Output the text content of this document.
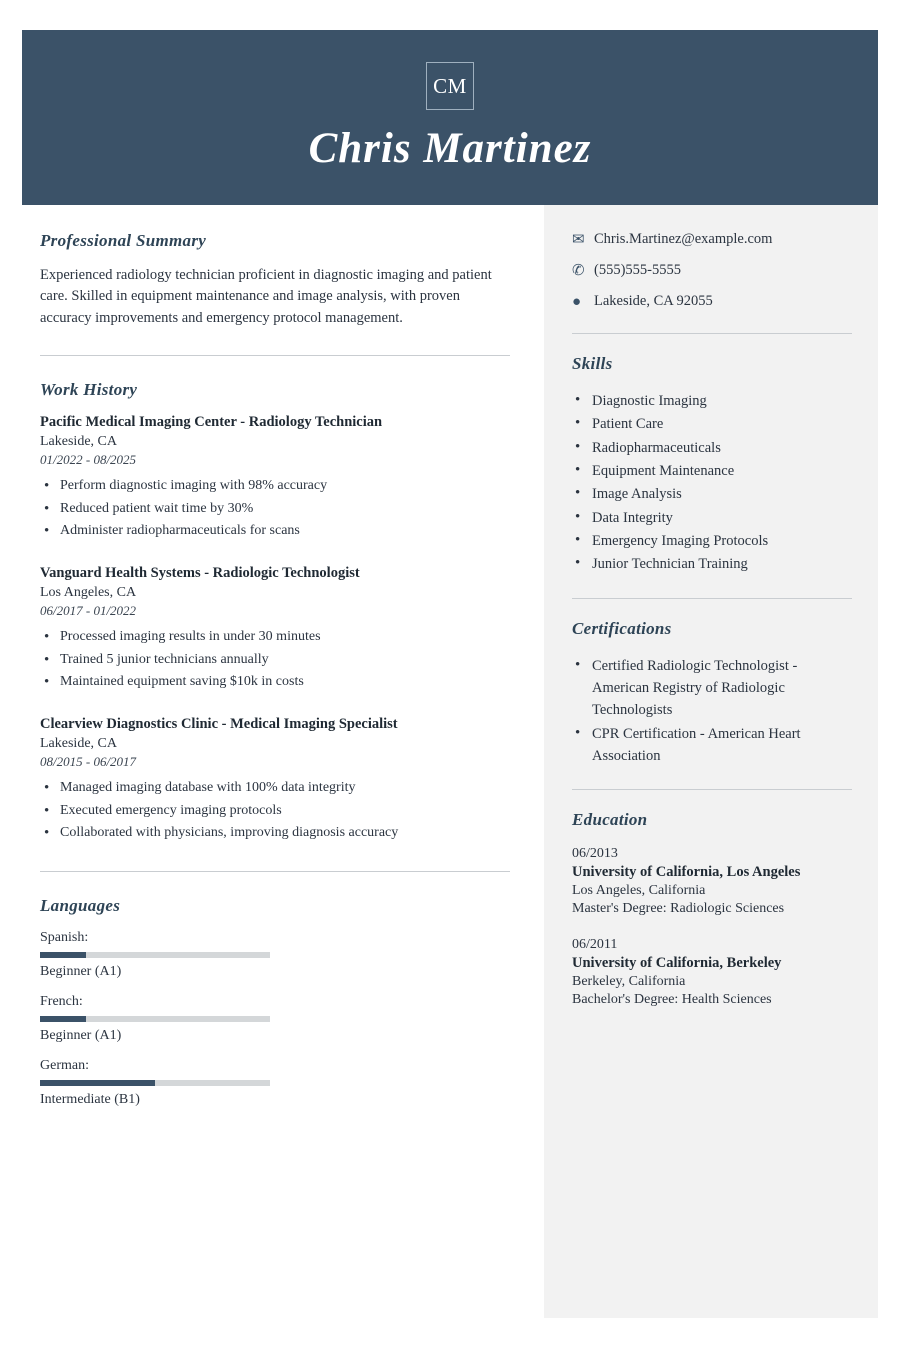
CM
Chris Martinez
Professional Summary

Experienced radiology technician proficient in diagnostic imaging and patient care. Skilled in equipment maintenance and image analysis, with proven accuracy improvements and emergency protocol management.

Work History
Pacific Medical Imaging Center - Radiology Technician
Lakeside, CA
01/2022 - 08/2025
• Perform diagnostic imaging with 98% accuracy
• Reduced patient wait time by 30%
• Administer radiopharmaceuticals for scans
Vanguard Health Systems - Radiologic Technologist
Los Angeles, CA
06/2017 - 01/2022
• Processed imaging results in under 30 minutes
• Trained 5 junior technicians annually
• Maintained equipment saving $10k in costs
Clearview Diagnostics Clinic - Medical Imaging Specialist
Lakeside, CA
08/2015 - 06/2017
• Managed imaging database with 100% data integrity
• Executed emergency imaging protocols
• Collaborated with physicians, improving diagnosis accuracy
Languages
Spanish:
Beginner (A1)
French:
Beginner (A1)
German:
Intermediate (B1)
✉ Chris.Martinez@example.com
✆ (555)555-5555
● Lakeside, CA 92055
Skills
• Diagnostic Imaging
• Patient Care
• Radiopharmaceuticals
• Equipment Maintenance
• Image Analysis
• Data Integrity
• Emergency Imaging Protocols
• Junior Technician Training
Certifications
• Certified Radiologic Technologist - American Registry of Radiologic Technologists
• CPR Certification - American Heart Association
Education
06/2013
University of California, Los Angeles
Los Angeles, California
Master's Degree: Radiologic Sciences
06/2011
University of California, Berkeley
Berkeley, California
Bachelor's Degree: Health Sciences
